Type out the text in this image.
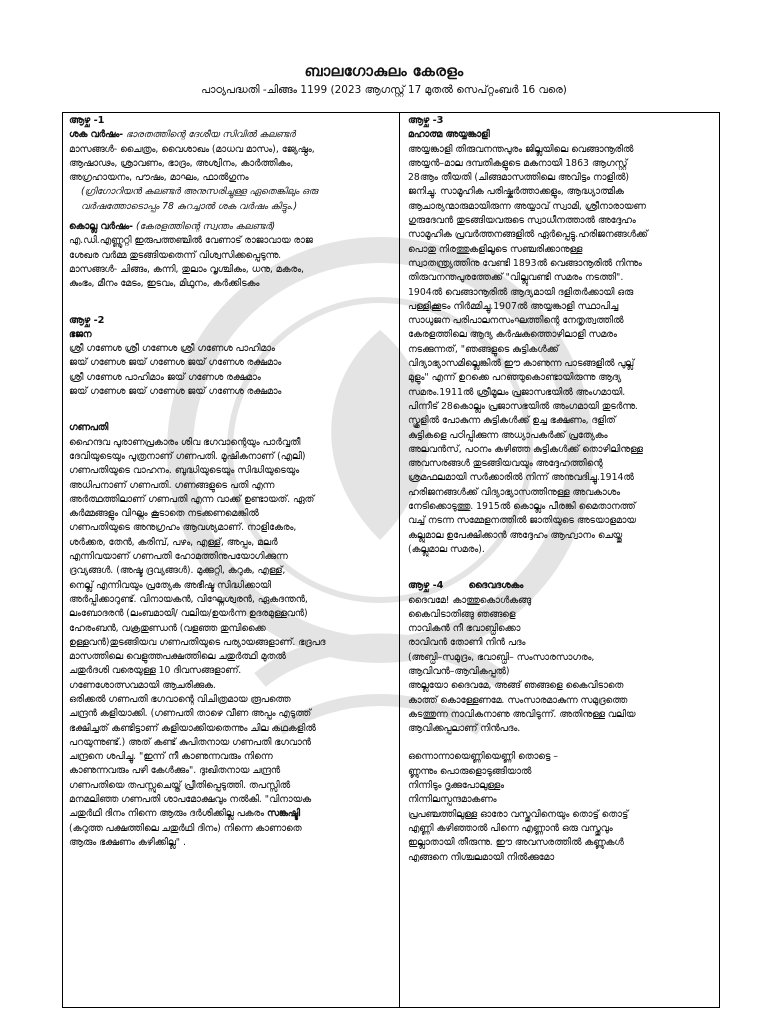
ബാലഗോകുലം കേരളം
പാഠ്യപദ്ധതി -ചിങ്ങം 1199 (2023 ആഗസ്റ്റ് 17 മുതൽ സെപ്റ്റംബർ 16 വരെ)
ആഴ്ച -1
ശക വർഷം- ഭാരതത്തിന്റെ ദേശീയ സിവിൽ കലണ്ടർ
മാസങ്ങൾ- ചൈത്രം, വൈശാഖം (മാധവ മാസം), ജ്യേഷ്ഠം,
ആഷാഢം, ശ്രാവണം, ഭാദ്രം, അശ്വിനം, കാർത്തികം,
അഗ്രഹായനം, പൗഷം, മാഘം, ഫാൽഗുനം
(ഗ്രിഗോറിയൻ കലണ്ടർ അനുസരിച്ചുള്ള ഏതെങ്കിലും ഒരു വർഷത്തോടൊപ്പം 78 കുറച്ചാൽ ശക വർഷം കിട്ടും.)
കൊല്ല വർഷം- (കേരളത്തിന്റെ സ്വന്തം കലണ്ടർ)
എ.ഡി.എണ്ണൂറ്റി ഇരുപത്തഞ്ചിൽ വേണാട് രാജാവായ രാജ
ശേഖര വർമ്മ തുടങ്ങിയതെന്ന് വിശ്വസിക്കപ്പെടുന്നു.
മാസങ്ങൾ- ചിങ്ങം, കന്നി, തുലാം വൃശ്ചികം, ധനു, മകരം,
കുംഭം, മീനം മേടം, ഇടവം, മിഥുനം, കർക്കിടകം
ആഴ്ച -2
ഭജന
ശ്രീ ഗണേശ ശ്രീ ഗണേശ ശ്രീ ഗണേശ പാഹിമാം
ജയ് ഗണേശ ജയ് ഗണേശ ജയ് ഗണേശ രക്ഷമാം
ശ്രീ ഗണേശ പാഹിമാം ജയ് ഗണേശ രക്ഷമാം
ജയ് ഗണേശ ജയ് ഗണേശ ജയ് ഗണേശ രക്ഷമാം
ഗണപതി
ഹൈന്ദവ പുരാണപ്രകാരം ശിവ ഭഗവാന്റെയും പാർവ്വതീ
ദേവിയുടെയും പുത്രനാണ് ഗണപതി. മൂഷികനാണ് (എലി)
ഗണപതിയുടെ വാഹനം. ബുദ്ധിയുടെയും സിദ്ധിയുടെയും
അധിപനാണ് ഗണപതി. ഗണങ്ങളുടെ പതി എന്ന
അർത്ഥത്തിലാണ് ഗണപതി എന്ന വാക്ക് ഉണ്ടായത്. ഏത്
കർമ്മങ്ങളും വിഘ്നം കൂടാതെ നടക്കണമെങ്കിൽ
ഗണപതിയുടെ അനുഗ്രഹം ആവശ്യമാണ്. നാളികേരം,
ശർക്കര, തേൻ, കരിമ്പ്, പഴം, എള്ള്, അപ്പം, മലർ
എന്നിവയാണ് ഗണപതി ഹോമത്തിനുപയോഗിക്കുന്ന
ദ്രവ്യങ്ങൾ. (അഷ്ട ദ്രവ്യങ്ങൾ). മുക്കുറ്റി, കറുക, എള്ള്,
നെല്ല് എന്നിവയും പ്രത്യേക അഭീഷ്ട സിദ്ധിക്കായി
അർപ്പിക്കാറുണ്ട്. വിനായകൻ, വിഘ്നേശ്വരൻ, ഏകദന്തൻ,
ലംബോദരൻ (ലംബമായി/ വലിയ/ഉയർന്ന ഉദരമുള്ളവൻ)
ഹേരംബൻ, വക്രതുണ്ഡൻ (വളഞ്ഞ തുമ്പിക്കൈ
ഉള്ളവൻ)തുടങ്ങിയവ ഗണപതിയുടെ പര്യായങ്ങളാണ്. ഭദ്രപദ
മാസത്തിലെ വെളുത്തപക്ഷത്തിലെ ചതുർത്ഥി മുതൽ
ചതുർദശി വരെയുള്ള 10 ദിവസങ്ങളാണ്.
ഗണേശോത്സവമായി ആചരിക്കുക.
ഒരിക്കൽ ഗണപതി ഭഗവാന്റെ വിചിത്രമായ രൂപത്തെ
ചന്ദ്രൻ കളിയാക്കി. (ഗണപതി താഴെ വീണ അപ്പം എടുത്ത്
ഭക്ഷിച്ചത് കണ്ടിട്ടാണ് കളിയാക്കിയതെന്നും ചില കഥകളിൽ
പറയുന്നുണ്ട്.) അത് കണ്ട് കുപിതനായ ഗണപതി ഭഗവാൻ
ചന്ദ്രനെ ശപിച്ചു. "ഇന്ന് നീ കാണുന്നവരും നിന്നെ
കാണുന്നവരും പഴി കേൾക്കും". ദുഃഖിതനായ ചന്ദ്രൻ
ഗണപതിയെ തപസ്സുചെയ്ത് പ്രീതിപ്പെടുത്തി. തപസ്സിൽ
മനമലിഞ്ഞ ഗണപതി ശാപമോക്ഷവും നൽകി. "വിനായക
ചതുർഥി ദിനം നിന്നെ ആരും ദർശിക്കില്ല പകരം സങ്കഷ്ടി
(കറുത്ത പക്ഷത്തിലെ ചതുർഥി ദിനം) നിന്നെ കാണാതെ
ആരും ഭക്ഷണം കഴിക്കില്ല" .
ആഴ്ച -3
മഹാത്മ അയ്യങ്കാളി
അയ്യങ്കാളി തിരുവനന്തപുരം ജില്ലയിലെ വെങ്ങാനൂരിൽ
അയ്യൻ–മാല ദമ്പതികളുടെ മകനായി 1863 ആഗസ്റ്റ്
28ആം തീയതി (ചിങ്ങമാസത്തിലെ അവിട്ടം നാളിൽ)
ജനിച്ചു. സാമൂഹിക പരിഷ്കർത്താക്കളും, ആദ്ധ്യാത്മിക
ആചാര്യന്മാരുമായിരുന്ന അയ്യാവ് സ്വാമി, ശ്രീനാരായണ
ഗുരുദേവൻ തുടങ്ങിയവരുടെ സ്വാധീനത്താൽ അദ്ദേഹം
സാമൂഹിക പ്രവർത്തനങ്ങളിൽ ഏർപ്പെട്ടു.ഹരിജനങ്ങൾക്ക്
പൊതു നിരത്തുകളിലൂടെ സഞ്ചരിക്കാനുള്ള
സ്വാതന്ത്ര്യത്തിനു വേണ്ടി 1893ൽ വെങ്ങാനൂരിൽ നിന്നും
തിരുവനന്തപുരത്തേക്ക് "വില്ലുവണ്ടി സമരം നടത്തി".
1904ൽ വെങ്ങാനൂരിൽ ആദ്യമായി ദളിതർക്കായി ഒരു
പള്ളിക്കൂടം നിർമ്മിച്ചു.1907ൽ അയ്യങ്കാളി സ്ഥാപിച്ച
സാധുജന പരിപാലനസംഘത്തിന്റെ നേതൃത്വത്തിൽ
കേരളത്തിലെ ആദ്യ കർഷകത്തൊഴിലാളി സമരം
നടക്കുന്നത്, "ഞങ്ങളുടെ കുട്ടികൾക്ക്
വിദ്യാഭ്യാസമില്ലെങ്കിൽ ഈ കാണുന്ന പാടങ്ങളിൽ പുല്ല്
മുളും" എന്ന് ഉറക്കെ പറഞ്ഞുകൊണ്ടായിരുന്നു ആദ്യ
സമരം.1911ൽ ശ്രീമൂലം പ്രജാസഭയിൽ അംഗമായി.
പിന്നീട് 28കൊല്ലം പ്രജാസഭയിൽ അംഗമായി തുടർന്നു.
സ്കൂളിൽ പോകുന്ന കുട്ടികൾക്ക് ഉച്ച ഭക്ഷണം, ദളിത്
കുട്ടികളെ പഠിപ്പിക്കുന്ന അധ്യാപകർക്ക് പ്രത്യേകം
അലവൻസ്, പഠനം കഴിഞ്ഞ കുട്ടികൾക്ക് തൊഴിലിനുള്ള
അവസരങ്ങൾ തുടങ്ങിയവയും അദ്ദേഹത്തിന്റെ
ശ്രമഫലമായി സർക്കാരിൽ നിന്ന് അനുവദിച്ചു.1914ൽ
ഹരിജനങ്ങൾക്ക് വിദ്യാഭ്യാസത്തിനുള്ള അവകാശം
നേടിക്കൊടുത്തു. 1915ൽ കൊല്ലം പീരങ്കി മൈതാനത്ത്
വച്ച് നടന്ന സമ്മേളനത്തിൽ ജാതിയുടെ അടയാളമായ
കല്ലുമാല ഉപേക്ഷിക്കാൻ അദ്ദേഹം ആഹ്വാനം ചെയ്തു
(കല്ലുമാല സമരം).
ആഴ്ച -4	ദൈവദശകം
ദൈവമേ! കാത്തുകൊൾകങ്ങു
കൈവിടാതിങ്ങു ഞങ്ങളെ
നാവികൻ നീ ഭവാബ്ധിക്കൊ
രാവിവൻ തോണി നിൻ പദം
(അബ്ധി–സമുദ്രം, ഭവാബ്ധി– സംസാരസാഗരം,
ആവിവൻ–ആവികപ്പൽ)
അല്ലയോ ദൈവമേ, അങ്ങ് ഞങ്ങളെ കൈവിടാതെ
കാത്ത് കൊള്ളേണമേ. സംസാരമാകുന്ന സമുദ്രത്തെ
കടത്തുന്ന നാവികനാണു അവിടുന്ന്. അതിനുള്ള വലിയ
ആവിക്കപ്പലാണ് നിൻപദം.
ഒന്നൊന്നായെണ്ണിയെണ്ണി തൊട്ടെ –
ണ്ണുന്നും പൊരുളൊടുങ്ങിയാൽ
നിന്നിടും ദൃക്കുപോലുള്ളം
നിന്നിലസ്പന്ദമാകണം
പ്രപഞ്ചത്തിലുള്ള ഓരോ വസ്തുവിനെയും തൊട്ട് തൊട്ട്
എണ്ണി കഴിഞ്ഞാൽ പിന്നെ എണ്ണാൻ ഒരു വസ്തുവും
ഇല്ലാതായി തീരുന്നു. ഈ അവസരത്തിൽ കണ്ണുകൾ
എങ്ങനെ നിശ്ചലമായി നിൽക്കുമോ
